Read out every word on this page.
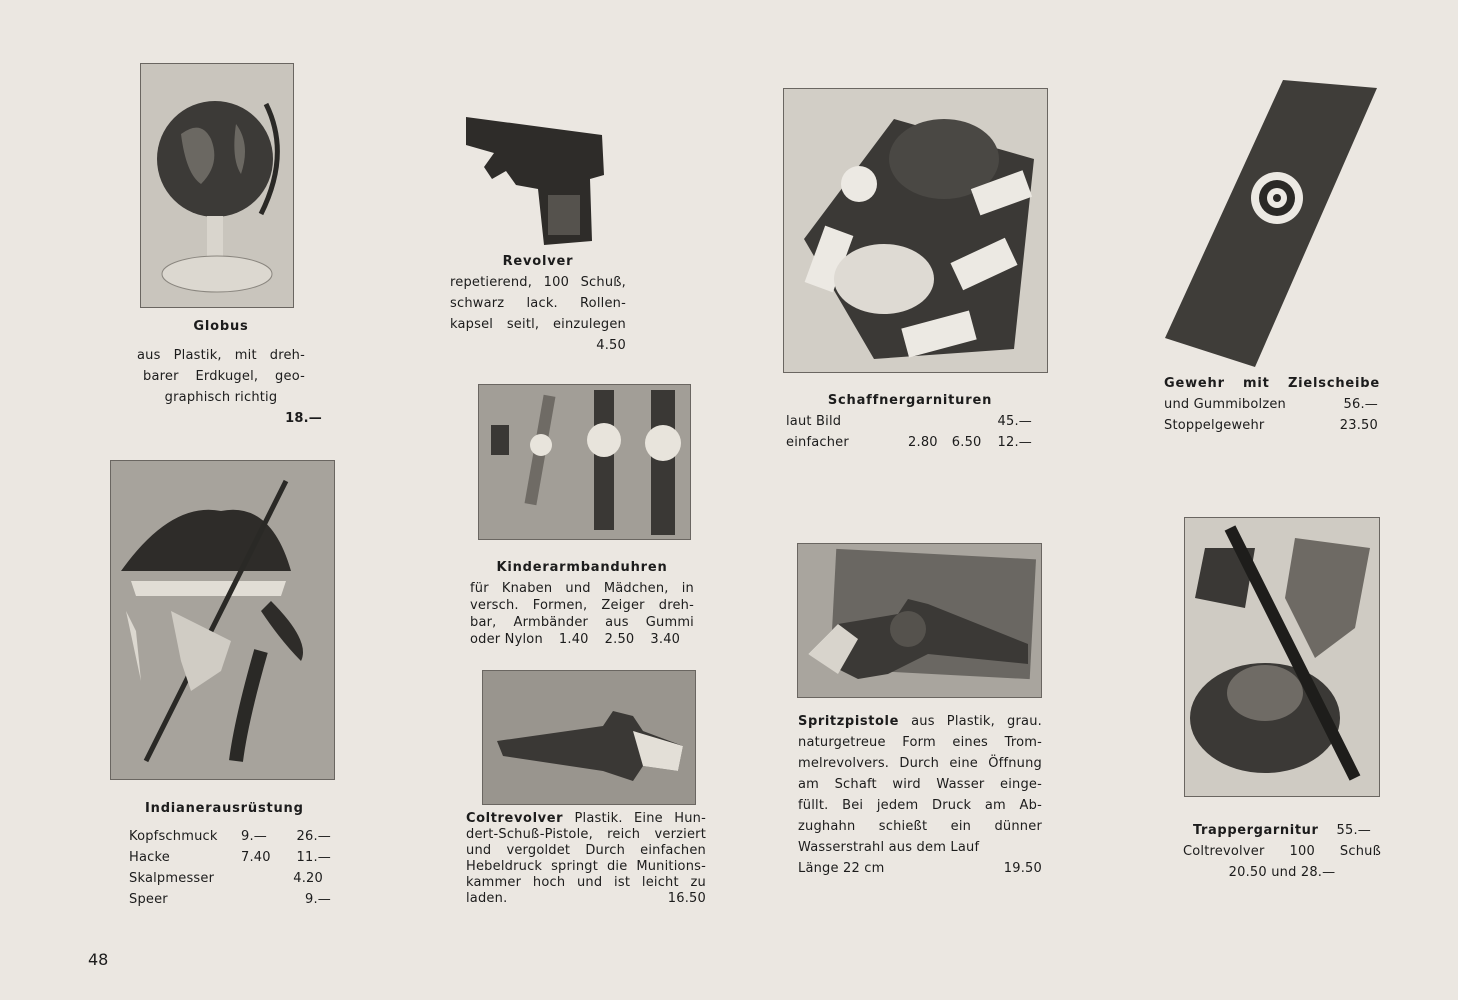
Globus
aus Plastik, mit dreh-
barer Erdkugel, geo-
graphisch richtig
18.—
Revolver
repetierend, 100 Schuß,
schwarz lack. Rollen-
kapsel seitl, einzulegen
4.50
Schaffnergarnituren
laut Bild	45.—
einfacher	2.80 6.50 12.—
Gewehr mit Zielscheibe
und Gummibolzen	56.—
Stoppelgewehr	23.50
Indianerausrüstung
Kopfschmuck	9.—	26.—
Hacke	7.40	11.—
Skalpmesser	4.20
Speer	9.—
Kinderarmbanduhren
für Knaben und Mädchen, in
versch. Formen, Zeiger dreh-
bar, Armbänder aus Gummi
oder Nylon 1.40 2.50 3.40
Coltrevolver Plastik. Eine Hun-
dert-Schuß-Pistole, reich verziert
und vergoldet Durch einfachen
Hebeldruck springt die Munitions-
kammer hoch und ist leicht zu
laden.	16.50
Spritzpistole aus Plastik, grau.
naturgetreue Form eines Trom-
melrevolvers. Durch eine Öffnung
am Schaft wird Wasser einge-
füllt. Bei jedem Druck am Ab-
zughahn schießt ein dünner
Wasserstrahl aus dem Lauf
Länge 22 cm	19.50
Trappergarnitur 55.—
Coltrevolver 100 Schuß
20.50 und 28.—
48
